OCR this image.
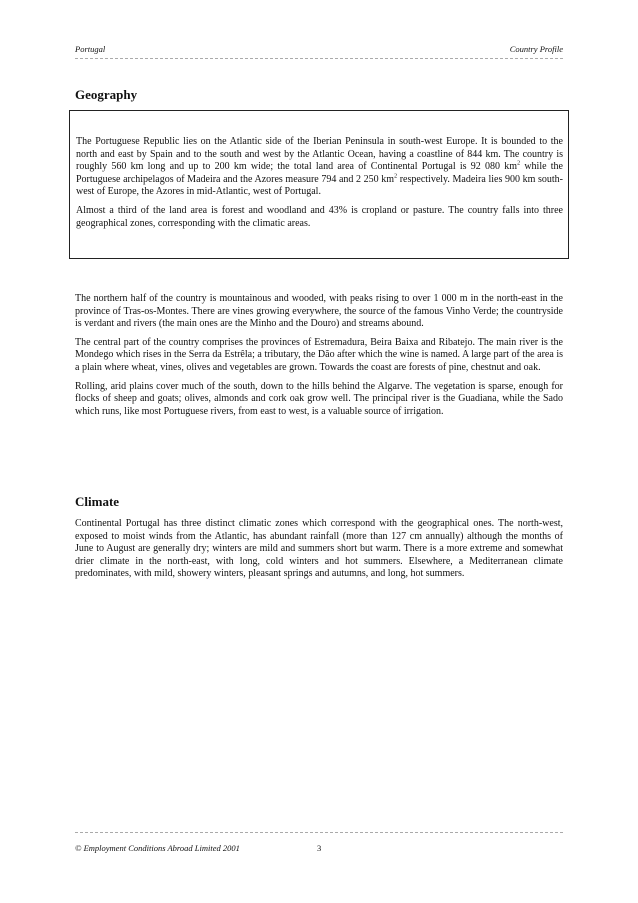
Portugal	Country Profile
Geography

The Portuguese Republic lies on the Atlantic side of the Iberian Peninsula in south-west Europe. It is bounded to the north and east by Spain and to the south and west by the Atlantic Ocean, having a coastline of 844 km. The country is roughly 560 km long and up to 200 km wide; the total land area of Continental Portugal is 92 080 $km^2$ while the Portuguese archipelagos of Madeira and the Azores measure 794 and 2 250 $km^2$ respectively. Madeira lies 900 km south-west of Europe, the Azores in mid-Atlantic, west of Portugal.

Almost a third of the land area is forest and woodland and 43% is cropland or pasture. The country falls into three geographical zones, corresponding with the climatic areas.

The northern half of the country is mountainous and wooded, with peaks rising to over 1 000 m in the north-east in the province of Tras-os-Montes. There are vines growing everywhere, the source of the famous Vinho Verde; the countryside is verdant and rivers (the main ones are the Minho and the Douro) and streams abound.

The central part of the country comprises the provinces of Estremadura, Beira Baixa and Ribatejo. The main river is the Mondego which rises in the Serra da Estrêla; a tributary, the Dão after which the wine is named. A large part of the area is a plain where wheat, vines, olives and vegetables are grown. Towards the coast are forests of pine, chestnut and oak.

Rolling, arid plains cover much of the south, down to the hills behind the Algarve. The vegetation is sparse, enough for flocks of sheep and goats; olives, almonds and cork oak grow well. The principal river is the Guadiana, while the Sado which runs, like most Portuguese rivers, from east to west, is a valuable source of irrigation.

Climate

Continental Portugal has three distinct climatic zones which correspond with the geographical ones. The north-west, exposed to moist winds from the Atlantic, has abundant rainfall (more than 127 cm annually) although the months of June to August are generally dry; winters are mild and summers short but warm. There is a more extreme and somewhat drier climate in the north-east, with long, cold winters and hot summers. Elsewhere, a Mediterranean climate predominates, with mild, showery winters, pleasant springs and autumns, and long, hot summers.

© Employment Conditions Abroad Limited 2001	3
